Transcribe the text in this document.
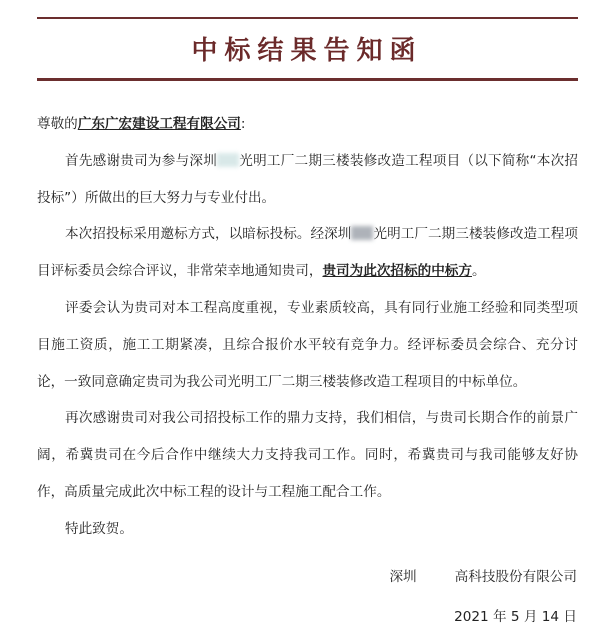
中标结果告知函

尊敬的广东广宏建设工程有限公司:

首先感谢贵司为参与深圳 光明工厂二期三楼装修改造工程项目（以下简称“本次招投标”）所做出的巨大努力与专业付出。

本次招投标采用邀标方式，以暗标投标。经深圳 光明工厂二期三楼装修改造工程项目评标委员会综合评议，非常荣幸地通知贵司，贵司为此次招标的中标方。

评委会认为贵司对本工程高度重视，专业素质较高，具有同行业施工经验和同类型项目施工资质，施工工期紧凑，且综合报价水平较有竞争力。经评标委员会综合、充分讨论，一致同意确定贵司为我公司光明工厂二期三楼装修改造工程项目的中标单位。

再次感谢贵司对我公司招投标工作的鼎力支持，我们相信，与贵司长期合作的前景广阔，希冀贵司在今后合作中继续大力支持我司工作。同时，希冀贵司与我司能够友好协作，高质量完成此次中标工程的设计与工程施工配合工作。

特此致贺。

深圳	高科技股份有限公司
2021 年 5 月 14 日
